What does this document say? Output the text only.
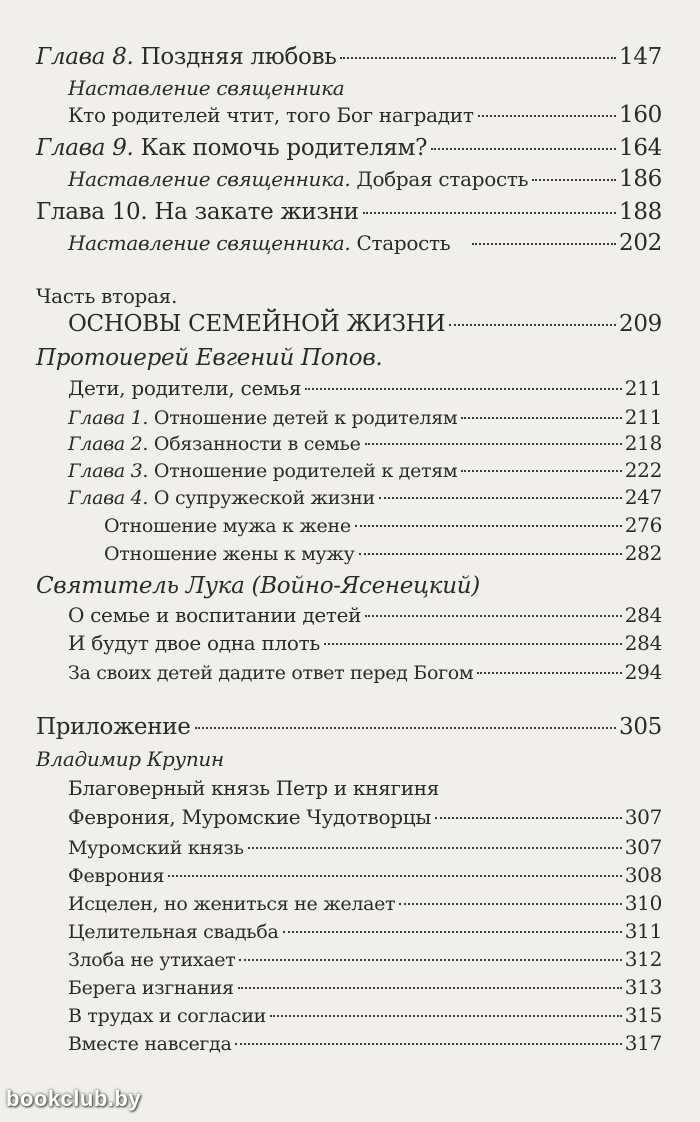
Глава 8. Поздняя любовь	147
Наставление священника
Кто родителей чтит, того Бог наградит	160
Глава 9. Как помочь родителям?	164
Наставление священника. Добрая старость	186
Глава 10. На закате жизни	188
Наставление священника. Старость	202
Часть вторая.
ОСНОВЫ СЕМЕЙНОЙ ЖИЗНИ	209
Протоиерей Евгений Попов.
Дети, родители, семья	211
Глава 1. Отношение детей к родителям	211
Глава 2. Обязанности в семье	218
Глава 3. Отношение родителей к детям	222
Глава 4. О супружеской жизни	247
Отношение мужа к жене	276
Отношение жены к мужу	282
Святитель Лука (Войно-Ясенецкий)
О семье и воспитании детей	284
И будут двое одна плоть	284
За своих детей дадите ответ перед Богом	294
Приложение	305
Владимир Крупин
Благоверный князь Петр и княгиня
Феврония, Муромские Чудотворцы	307
Муромский князь	307
Феврония	308
Исцелен, но жениться не желает	310
Целительная свадьба	311
Злоба не утихает	312
Берега изгнания	313
В трудах и согласии	315
Вместе навсегда	317
bookclub.by
